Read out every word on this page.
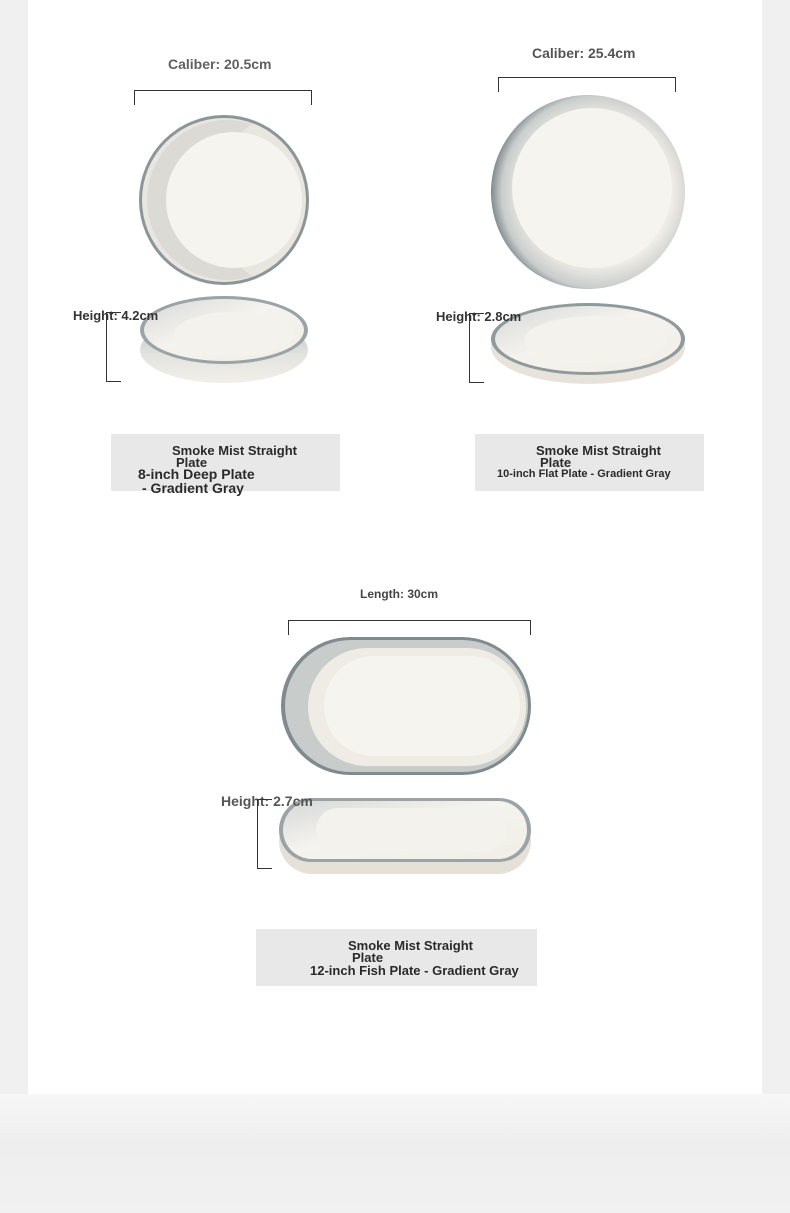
Caliber: 20.5cm
Height: 4.2cm
Smoke Mist Straight
Plate
8-inch Deep Plate
- Gradient Gray
Caliber: 25.4cm
Height: 2.8cm
Smoke Mist Straight
Plate
10-inch Flat Plate - Gradient Gray
Length: 30cm
Height: 2.7cm
Smoke Mist Straight
Plate
12-inch Fish Plate - Gradient Gray
